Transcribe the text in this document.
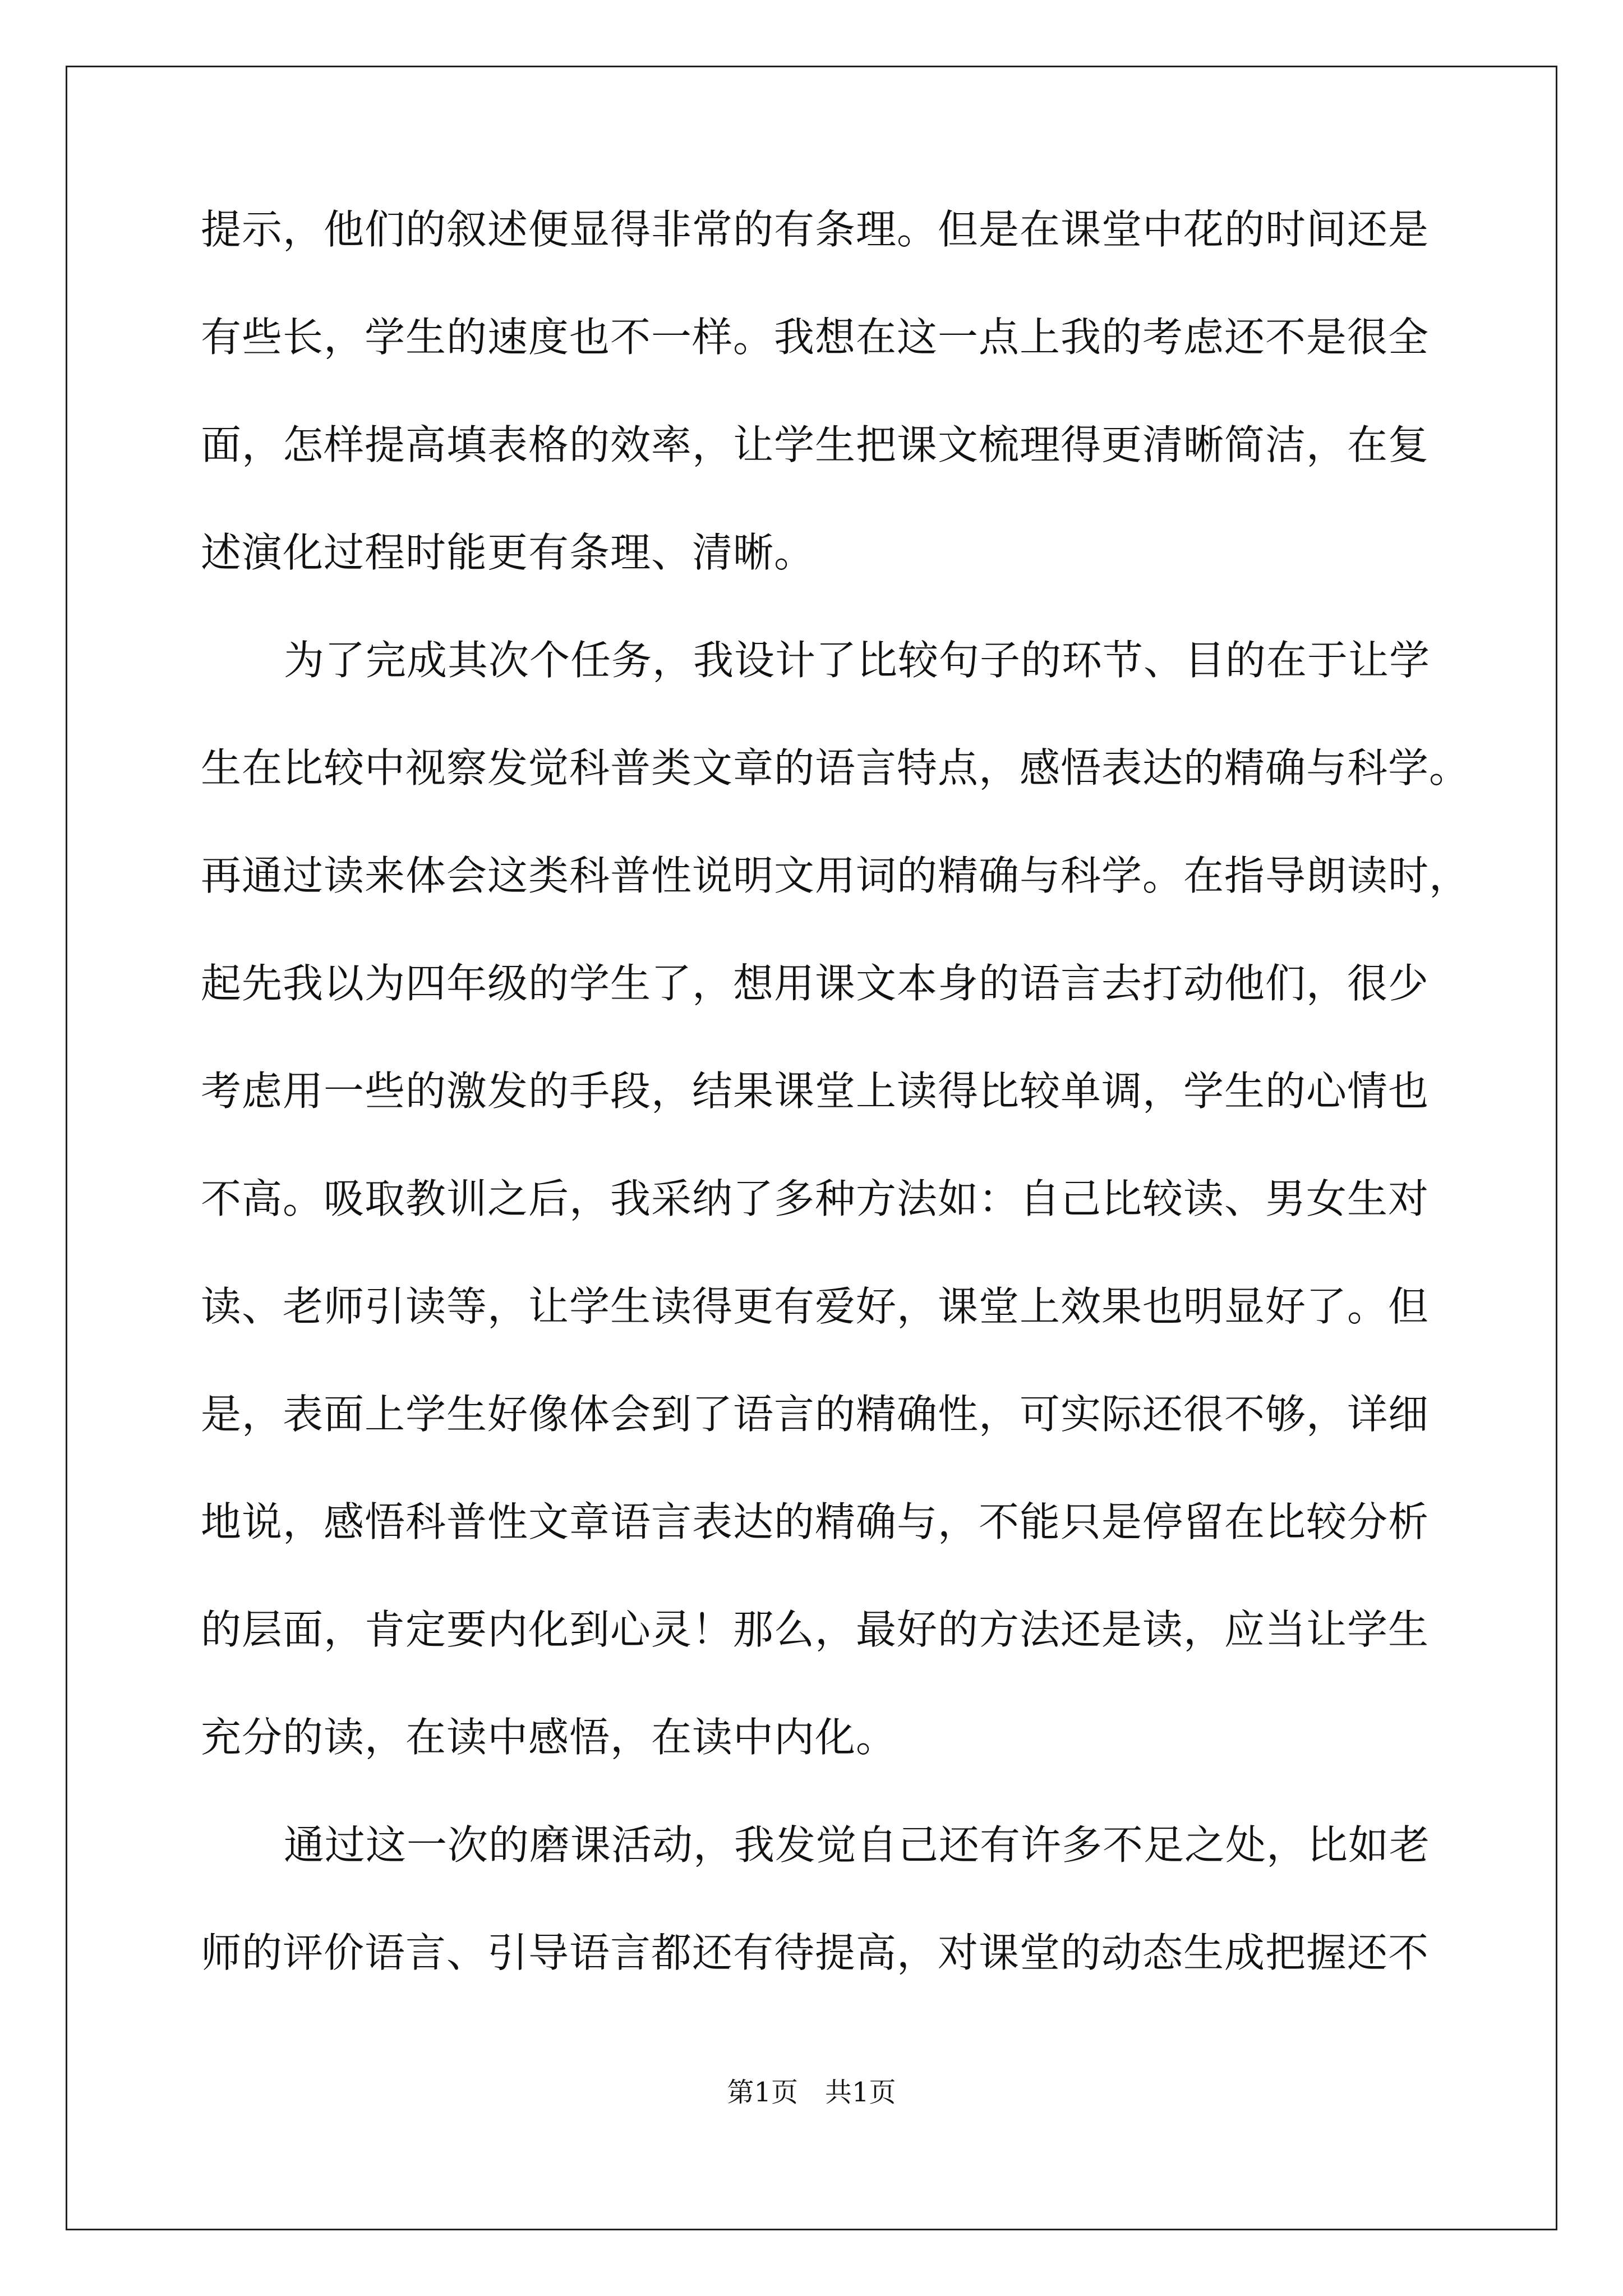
提示，他们的叙述便显得非常的有条理。但是在课堂中花的时间还是
有些长，学生的速度也不一样。我想在这一点上我的考虑还不是很全
面，怎样提高填表格的效率，让学生把课文梳理得更清晰简洁，在复
述演化过程时能更有条理、清晰。
为了完成其次个任务，我设计了比较句子的环节、目的在于让学
生在比较中视察发觉科普类文章的语言特点，感悟表达的精确与科学。
再通过读来体会这类科普性说明文用词的精确与科学。在指导朗读时，
起先我以为四年级的学生了，想用课文本身的语言去打动他们，很少
考虑用一些的激发的手段，结果课堂上读得比较单调，学生的心情也
不高。吸取教训之后，我采纳了多种方法如：自己比较读、男女生对
读、老师引读等，让学生读得更有爱好，课堂上效果也明显好了。但
是，表面上学生好像体会到了语言的精确性，可实际还很不够，详细
地说，感悟科普性文章语言表达的精确与，不能只是停留在比较分析
的层面，肯定要内化到心灵！那么，最好的方法还是读，应当让学生
充分的读，在读中感悟，在读中内化。
通过这一次的磨课活动，我发觉自己还有许多不足之处，比如老
师的评价语言、引导语言都还有待提高，对课堂的动态生成把握还不
第1页　共1页
